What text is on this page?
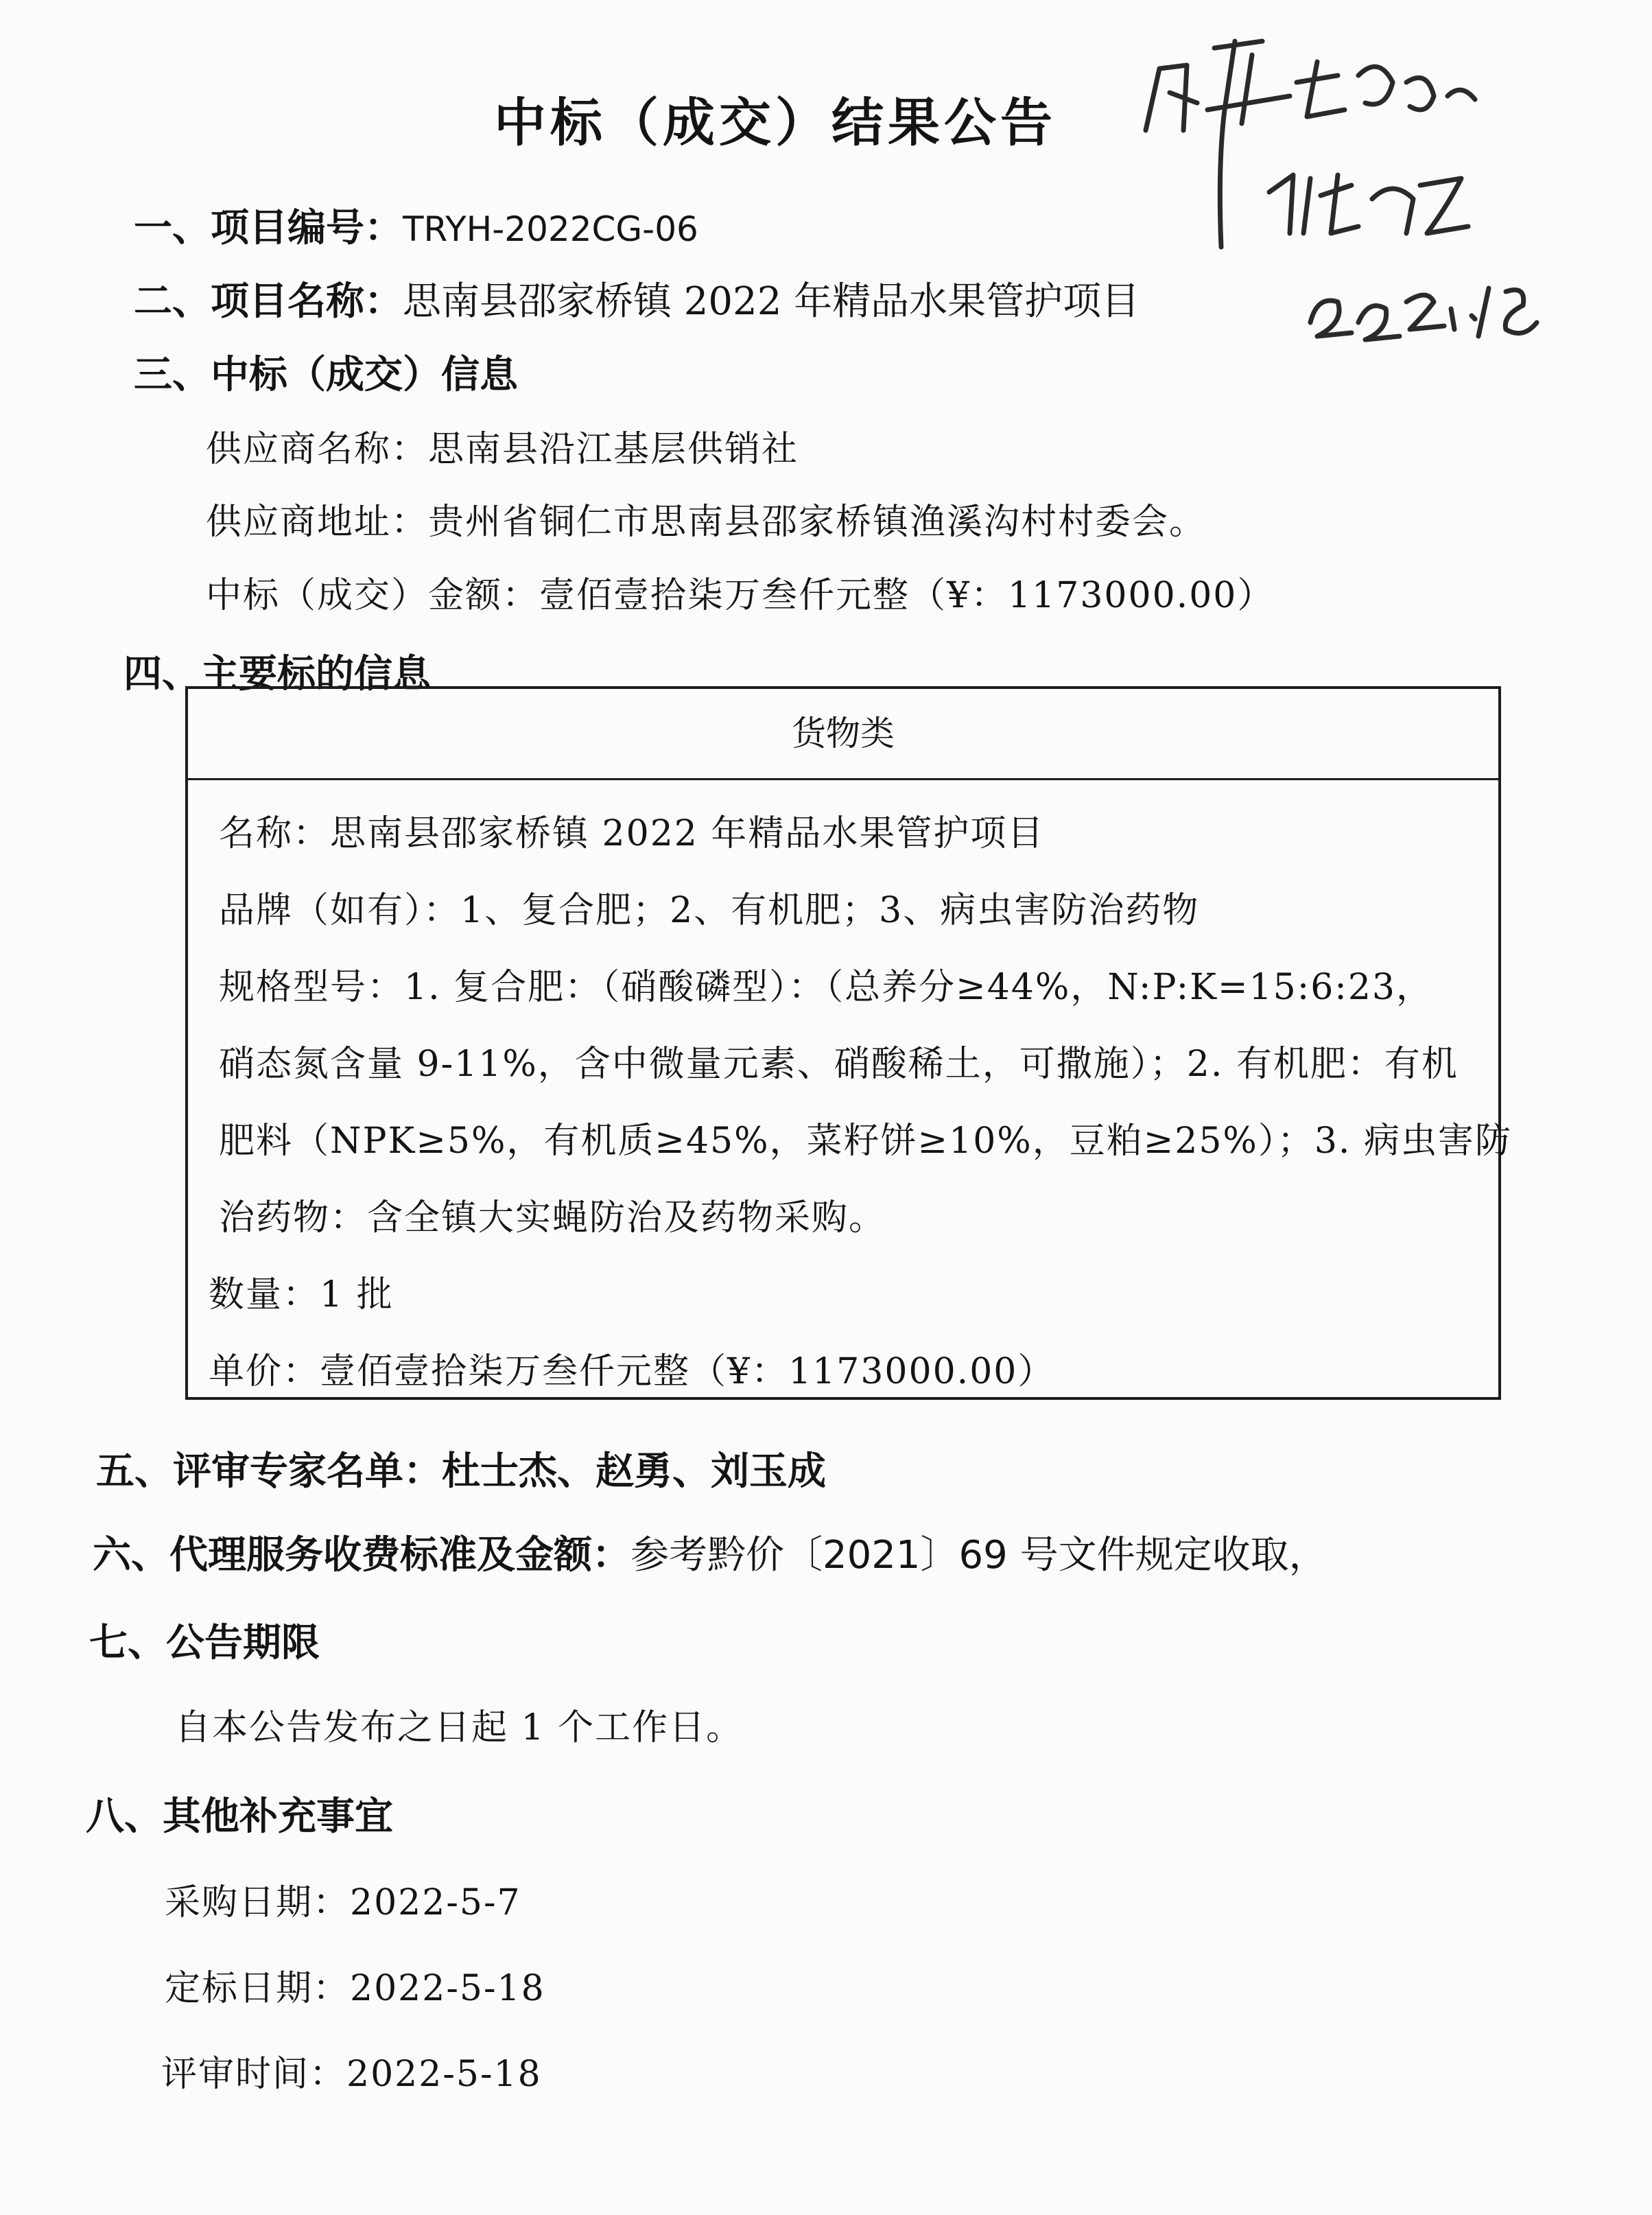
中标（成交）结果公告
一、项目编号：TRYH-2022CG-06
二、项目名称：思南县邵家桥镇 2022 年精品水果管护项目
三、中标（成交）信息
供应商名称：思南县沿江基层供销社
供应商地址：贵州省铜仁市思南县邵家桥镇渔溪沟村村委会。
中标（成交）金额：壹佰壹拾柒万叁仟元整（¥：1173000.00）
四、主要标的信息
货物类
名称：思南县邵家桥镇 2022 年精品水果管护项目
品牌（如有）：1、复合肥；2、有机肥；3、病虫害防治药物
规格型号：1. 复合肥：（硝酸磷型）：（总养分≥44%，N:P:K=15:6:23，
硝态氮含量 9-11%，含中微量元素、硝酸稀土，可撒施）；2. 有机肥：有机
肥料（NPK≥5%，有机质≥45%，菜籽饼≥10%，豆粕≥25%）；3. 病虫害防
治药物：含全镇大实蝇防治及药物采购。
数量：1 批
单价：壹佰壹拾柒万叁仟元整（¥：1173000.00）
五、评审专家名单：杜士杰、赵勇、刘玉成
六、代理服务收费标准及金额：参考黔价〔2021〕69 号文件规定收取，
七、公告期限
自本公告发布之日起 1 个工作日。
八、其他补充事宜
采购日期：2022-5-7
定标日期：2022-5-18
评审时间：2022-5-18
